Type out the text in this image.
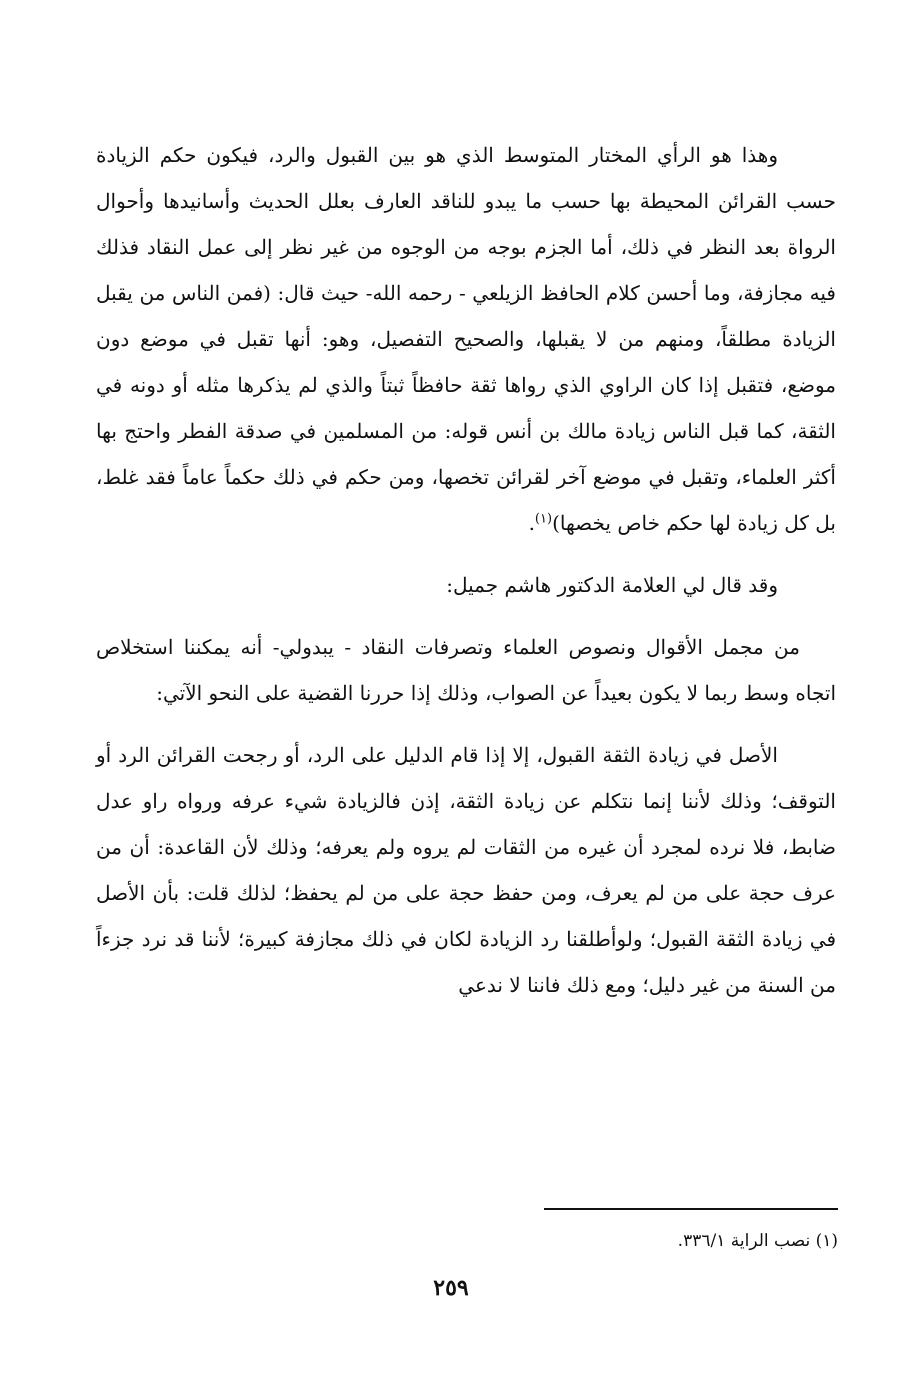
وهذا هو الرأي المختار المتوسط الذي هو بين القبول والرد، فيكون حكم الزيادة حسب القرائن المحيطة بها حسب ما يبدو للناقد العارف بعلل الحديث وأسانيدها وأحوال الرواة بعد النظر في ذلك، أما الجزم بوجه من الوجوه من غير نظر إلى عمل النقاد فذلك فيه مجازفة، وما أحسن كلام الحافظ الزيلعي - رحمه الله- حيث قال: (فمن الناس من يقبل الزيادة مطلقاً، ومنهم من لا يقبلها، والصحيح التفصيل، وهو: أنها تقبل في موضع دون موضع، فتقبل إذا كان الراوي الذي رواها ثقة حافظاً ثبتاً والذي لم يذكرها مثله أو دونه في الثقة، كما قبل الناس زيادة مالك بن أنس قوله: من المسلمين في صدقة الفطر واحتج بها أكثر العلماء، وتقبل في موضع آخر لقرائن تخصها، ومن حكم في ذلك حكماً عاماً فقد غلط، بل كل زيادة لها حكم خاص يخصها)$^{(١)}$.

وقد قال لي العلامة الدكتور هاشم جميل:

من مجمل الأقوال ونصوص العلماء وتصرفات النقاد - يبدولي- أنه يمكننا استخلاص اتجاه وسط ربما لا يكون بعيداً عن الصواب، وذلك إذا حررنا القضية على النحو الآتي:

الأصل في زيادة الثقة القبول، إلا إذا قام الدليل على الرد، أو رجحت القرائن الرد أو التوقف؛ وذلك لأننا إنما نتكلم عن زيادة الثقة، إذن فالزيادة شيء عرفه ورواه راو عدل ضابط، فلا نرده لمجرد أن غيره من الثقات لم يروه ولم يعرفه؛ وذلك لأن القاعدة: أن من عرف حجة على من لم يعرف، ومن حفظ حجة على من لم يحفظ؛ لذلك قلت: بأن الأصل في زيادة الثقة القبول؛ ولوأطلقنا رد الزيادة لكان في ذلك مجازفة كبيرة؛ لأننا قد نرد جزءاً من السنة من غير دليل؛ ومع ذلك فاننا لا ندعي

(١) نصب الراية ٣٣٦/١.

٢٥٩
